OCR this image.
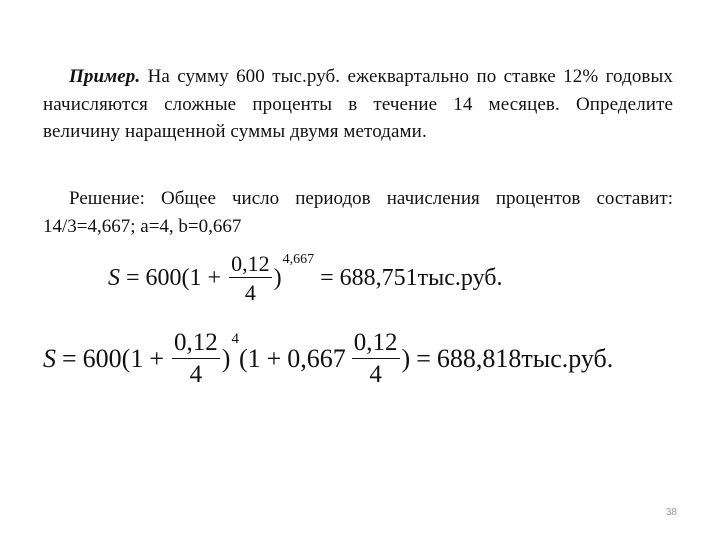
Пример. На сумму 600 тыс.руб. ежеквартально по ставке 12% годовых начисляются сложные проценты в течение 14 месяцев. Определите величину наращенной суммы двумя методами.
Решение: Общее число периодов начисления процентов составит: 14/3=4,667; a=4, b=0,667
$S = 600(1 + \frac{0,12}{4}$ )
4,667
= 688,751 тыс.руб.
$S = 600(1 + \frac{0,12}{4}$ )
4
($1 + 0,667 \frac{0,12}{4}$ ) = 688,818 тыс.руб.
38
